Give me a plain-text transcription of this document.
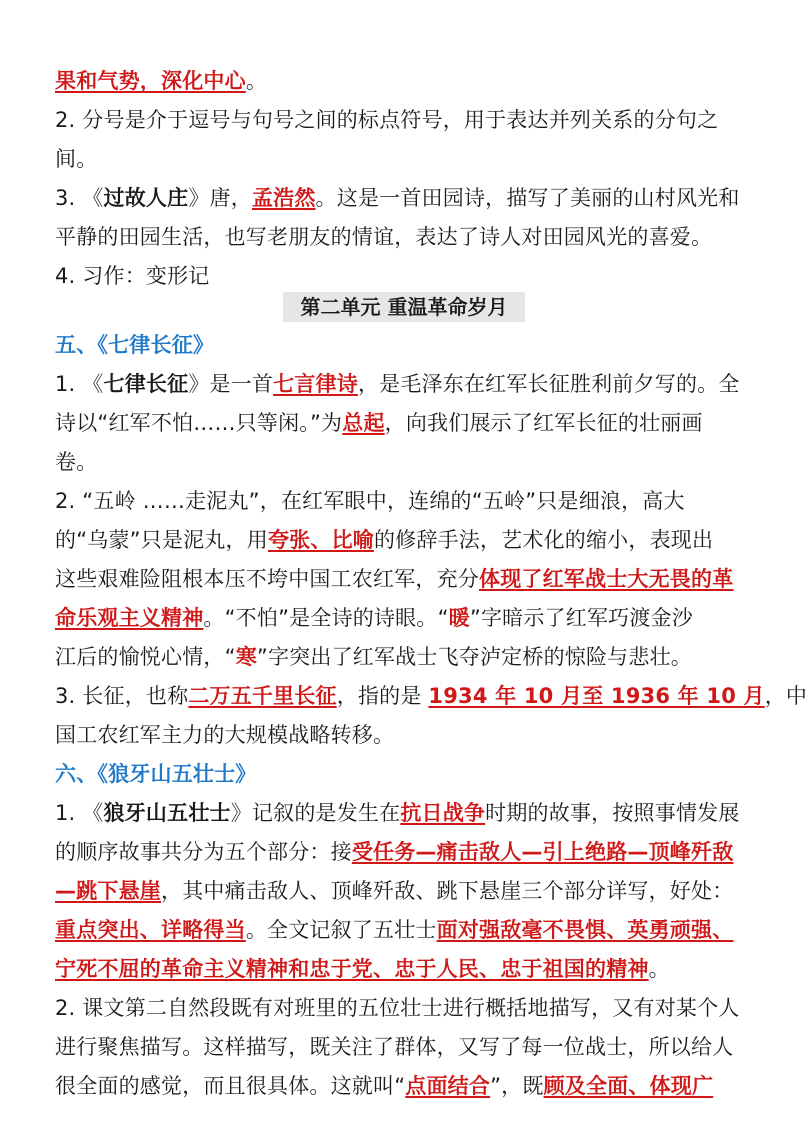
果和气势，深化中心。
2. 分号是介于逗号与句号之间的标点符号，用于表达并列关系的分句之
间。
3. 《过故人庄》唐，孟浩然。这是一首田园诗，描写了美丽的山村风光和
平静的田园生活，也写老朋友的情谊，表达了诗人对田园风光的喜爱。
4. 习作：变形记
第二单元 重温革命岁月
五、《七律长征》
1. 《七律长征》是一首七言律诗，是毛泽东在红军长征胜利前夕写的。全
诗以“红军不怕……只等闲。”为总起，向我们展示了红军长征的壮丽画
卷。
2. “五岭 ……走泥丸”，在红军眼中，连绵的“五岭”只是细浪，高大
的“乌蒙”只是泥丸，用夸张、比喻的修辞手法，艺术化的缩小，表现出
这些艰难险阻根本压不垮中国工农红军，充分体现了红军战士大无畏的革
命乐观主义精神。“不怕”是全诗的诗眼。“暖”字暗示了红军巧渡金沙
江后的愉悦心情，“寒”字突出了红军战士飞夺泸定桥的惊险与悲壮。
3. 长征，也称二万五千里长征，指的是 1934 年 10 月至 1936 年 10 月，中
国工农红军主力的大规模战略转移。
六、《狼牙山五壮士》
1. 《狼牙山五壮士》记叙的是发生在抗日战争时期的故事，按照事情发展
的顺序故事共分为五个部分：接受任务—痛击敌人—引上绝路—顶峰歼敌
—跳下悬崖，其中痛击敌人、顶峰歼敌、跳下悬崖三个部分详写，好处：
重点突出、详略得当。全文记叙了五壮士面对强敌毫不畏惧、英勇顽强、
宁死不屈的革命主义精神和忠于党、忠于人民、忠于祖国的精神。
2. 课文第二自然段既有对班里的五位壮士进行概括地描写，又有对某个人
进行聚焦描写。这样描写，既关注了群体，又写了每一位战士，所以给人
很全面的感觉，而且很具体。这就叫“点面结合”，既顾及全面、体现广
